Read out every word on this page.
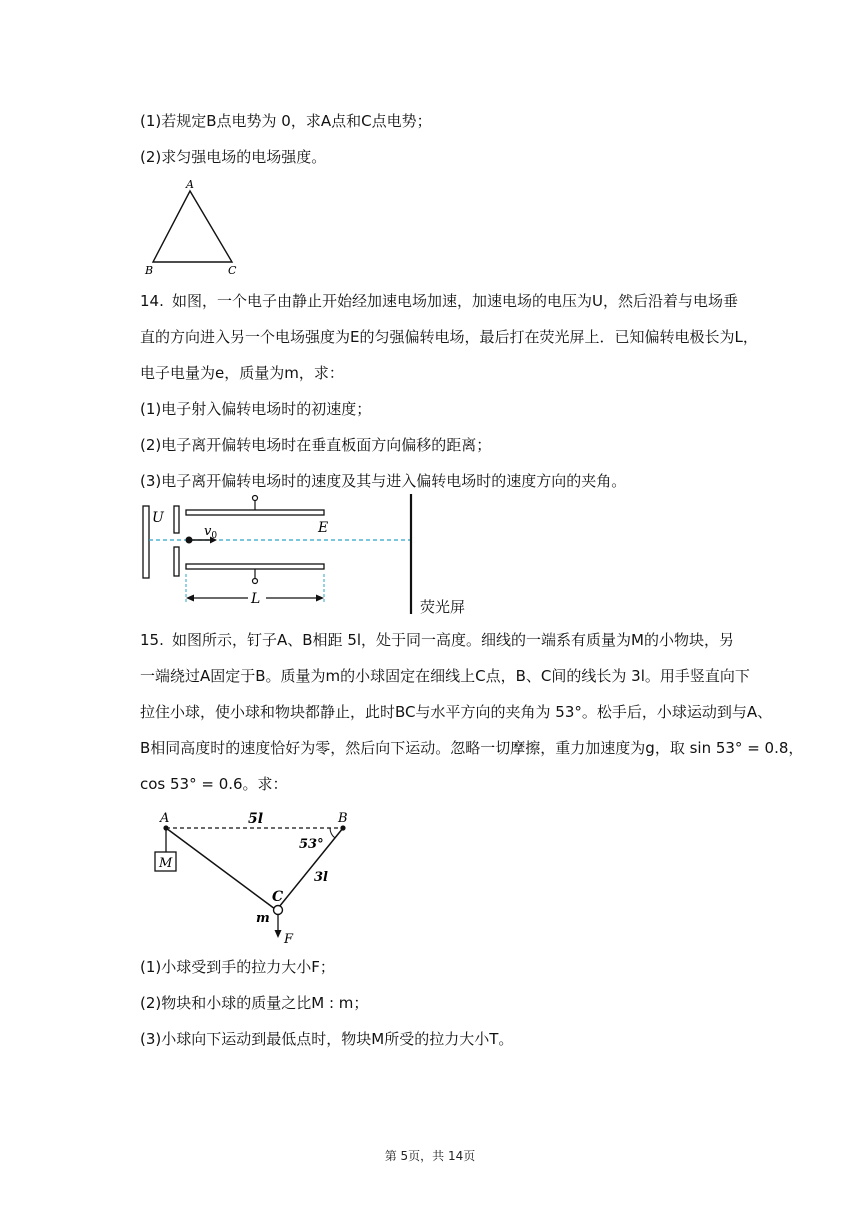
(1)若规定B点电势为 0，求A点和C点电势；
(2)求匀强电场的电场强度。
A
B	C
14. 如图，一个电子由静止开始经加速电场加速，加速电场的电压为U，然后沿着与电场垂
直的方向进入另一个电场强度为E的匀强偏转电场，最后打在荧光屏上．已知偏转电极长为L，
电子电量为e，质量为m，求：
(1)电子射入偏转电场时的初速度；
(2)电子离开偏转电场时在垂直板面方向偏移的距离；
(3)电子离开偏转电场时的速度及其与进入偏转电场时的速度方向的夹角。
U
$v_0$	E
L	荧光屏
15. 如图所示，钉子A、B相距 5l，处于同一高度。细线的一端系有质量为M的小物块，另
一端绕过A固定于B。质量为m的小球固定在细线上C点，B、C间的线长为 3l。用手竖直向下
拉住小球，使小球和物块都静止，此时BC与水平方向的夹角为 53°。松手后，小球运动到与A、
B相同高度时的速度恰好为零，然后向下运动。忽略一切摩擦，重力加速度为g，取 sin 53° = 0.8，
cos 53° = 0.6。求：
M
A	B
5l
53°
3l
C
m
F
(1)小球受到手的拉力大小F；
(2)物块和小球的质量之比M : m；
(3)小球向下运动到最低点时，物块M所受的拉力大小T。
第 5页，共 14页
